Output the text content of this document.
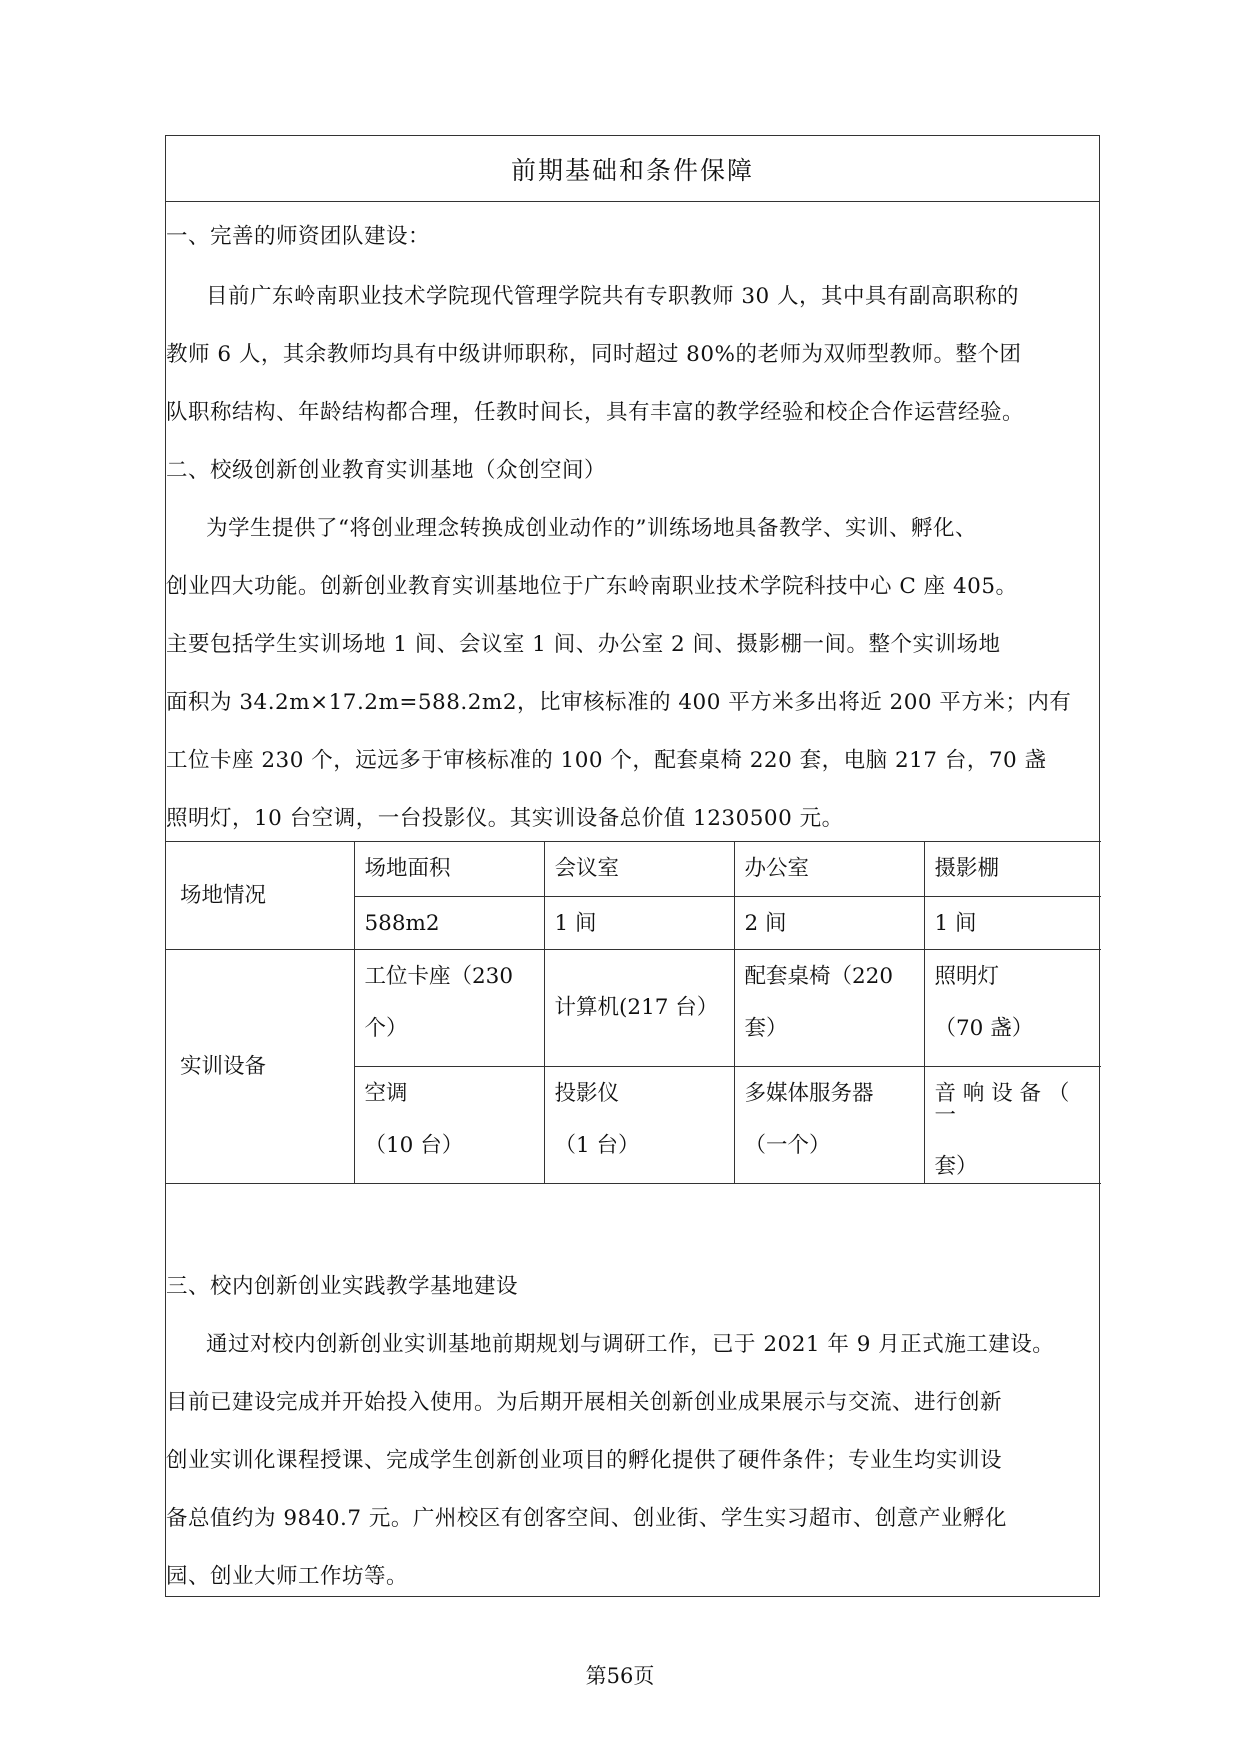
前期基础和条件保障
一、完善的师资团队建设：
目前广东岭南职业技术学院现代管理学院共有专职教师 30 人，其中具有副高职称的
教师 6 人，其余教师均具有中级讲师职称，同时超过 80%的老师为双师型教师。整个团
队职称结构、年龄结构都合理，任教时间长，具有丰富的教学经验和校企合作运营经验。
二、校级创新创业教育实训基地（众创空间）
为学生提供了“将创业理念转换成创业动作的”训练场地具备教学、实训、孵化、
创业四大功能。创新创业教育实训基地位于广东岭南职业技术学院科技中心 C 座 405。
主要包括学生实训场地 1 间、会议室 1 间、办公室 2 间、摄影棚一间。整个实训场地
面积为 34.2m×17.2m=588.2m2，比审核标准的 400 平方米多出将近 200 平方米；内有
工位卡座 230 个，远远多于审核标准的 100 个，配套桌椅 220 套，电脑 217 台，70 盏
照明灯，10 台空调，一台投影仪。其实训设备总价值 1230500 元。
场地情况	场地面积	会议室	办公室	摄影棚
	588m2	1 间	2 间	1 间
实训设备	工位卡座（230
个）	计算机(217 台）	配套桌椅（220
套）	照明灯
（70 盏）

	空调
（10 台）	投影仪
（1 台）	多媒体服务器
（一个）	音 响 设 备 （ 一
套）
三、校内创新创业实践教学基地建设
通过对校内创新创业实训基地前期规划与调研工作，已于 2021 年 9 月正式施工建设。
目前已建设完成并开始投入使用。为后期开展相关创新创业成果展示与交流、进行创新
创业实训化课程授课、完成学生创新创业项目的孵化提供了硬件条件；专业生均实训设
备总值约为 9840.7 元。广州校区有创客空间、创业街、学生实习超市、创意产业孵化
园、创业大师工作坊等。
第56页
